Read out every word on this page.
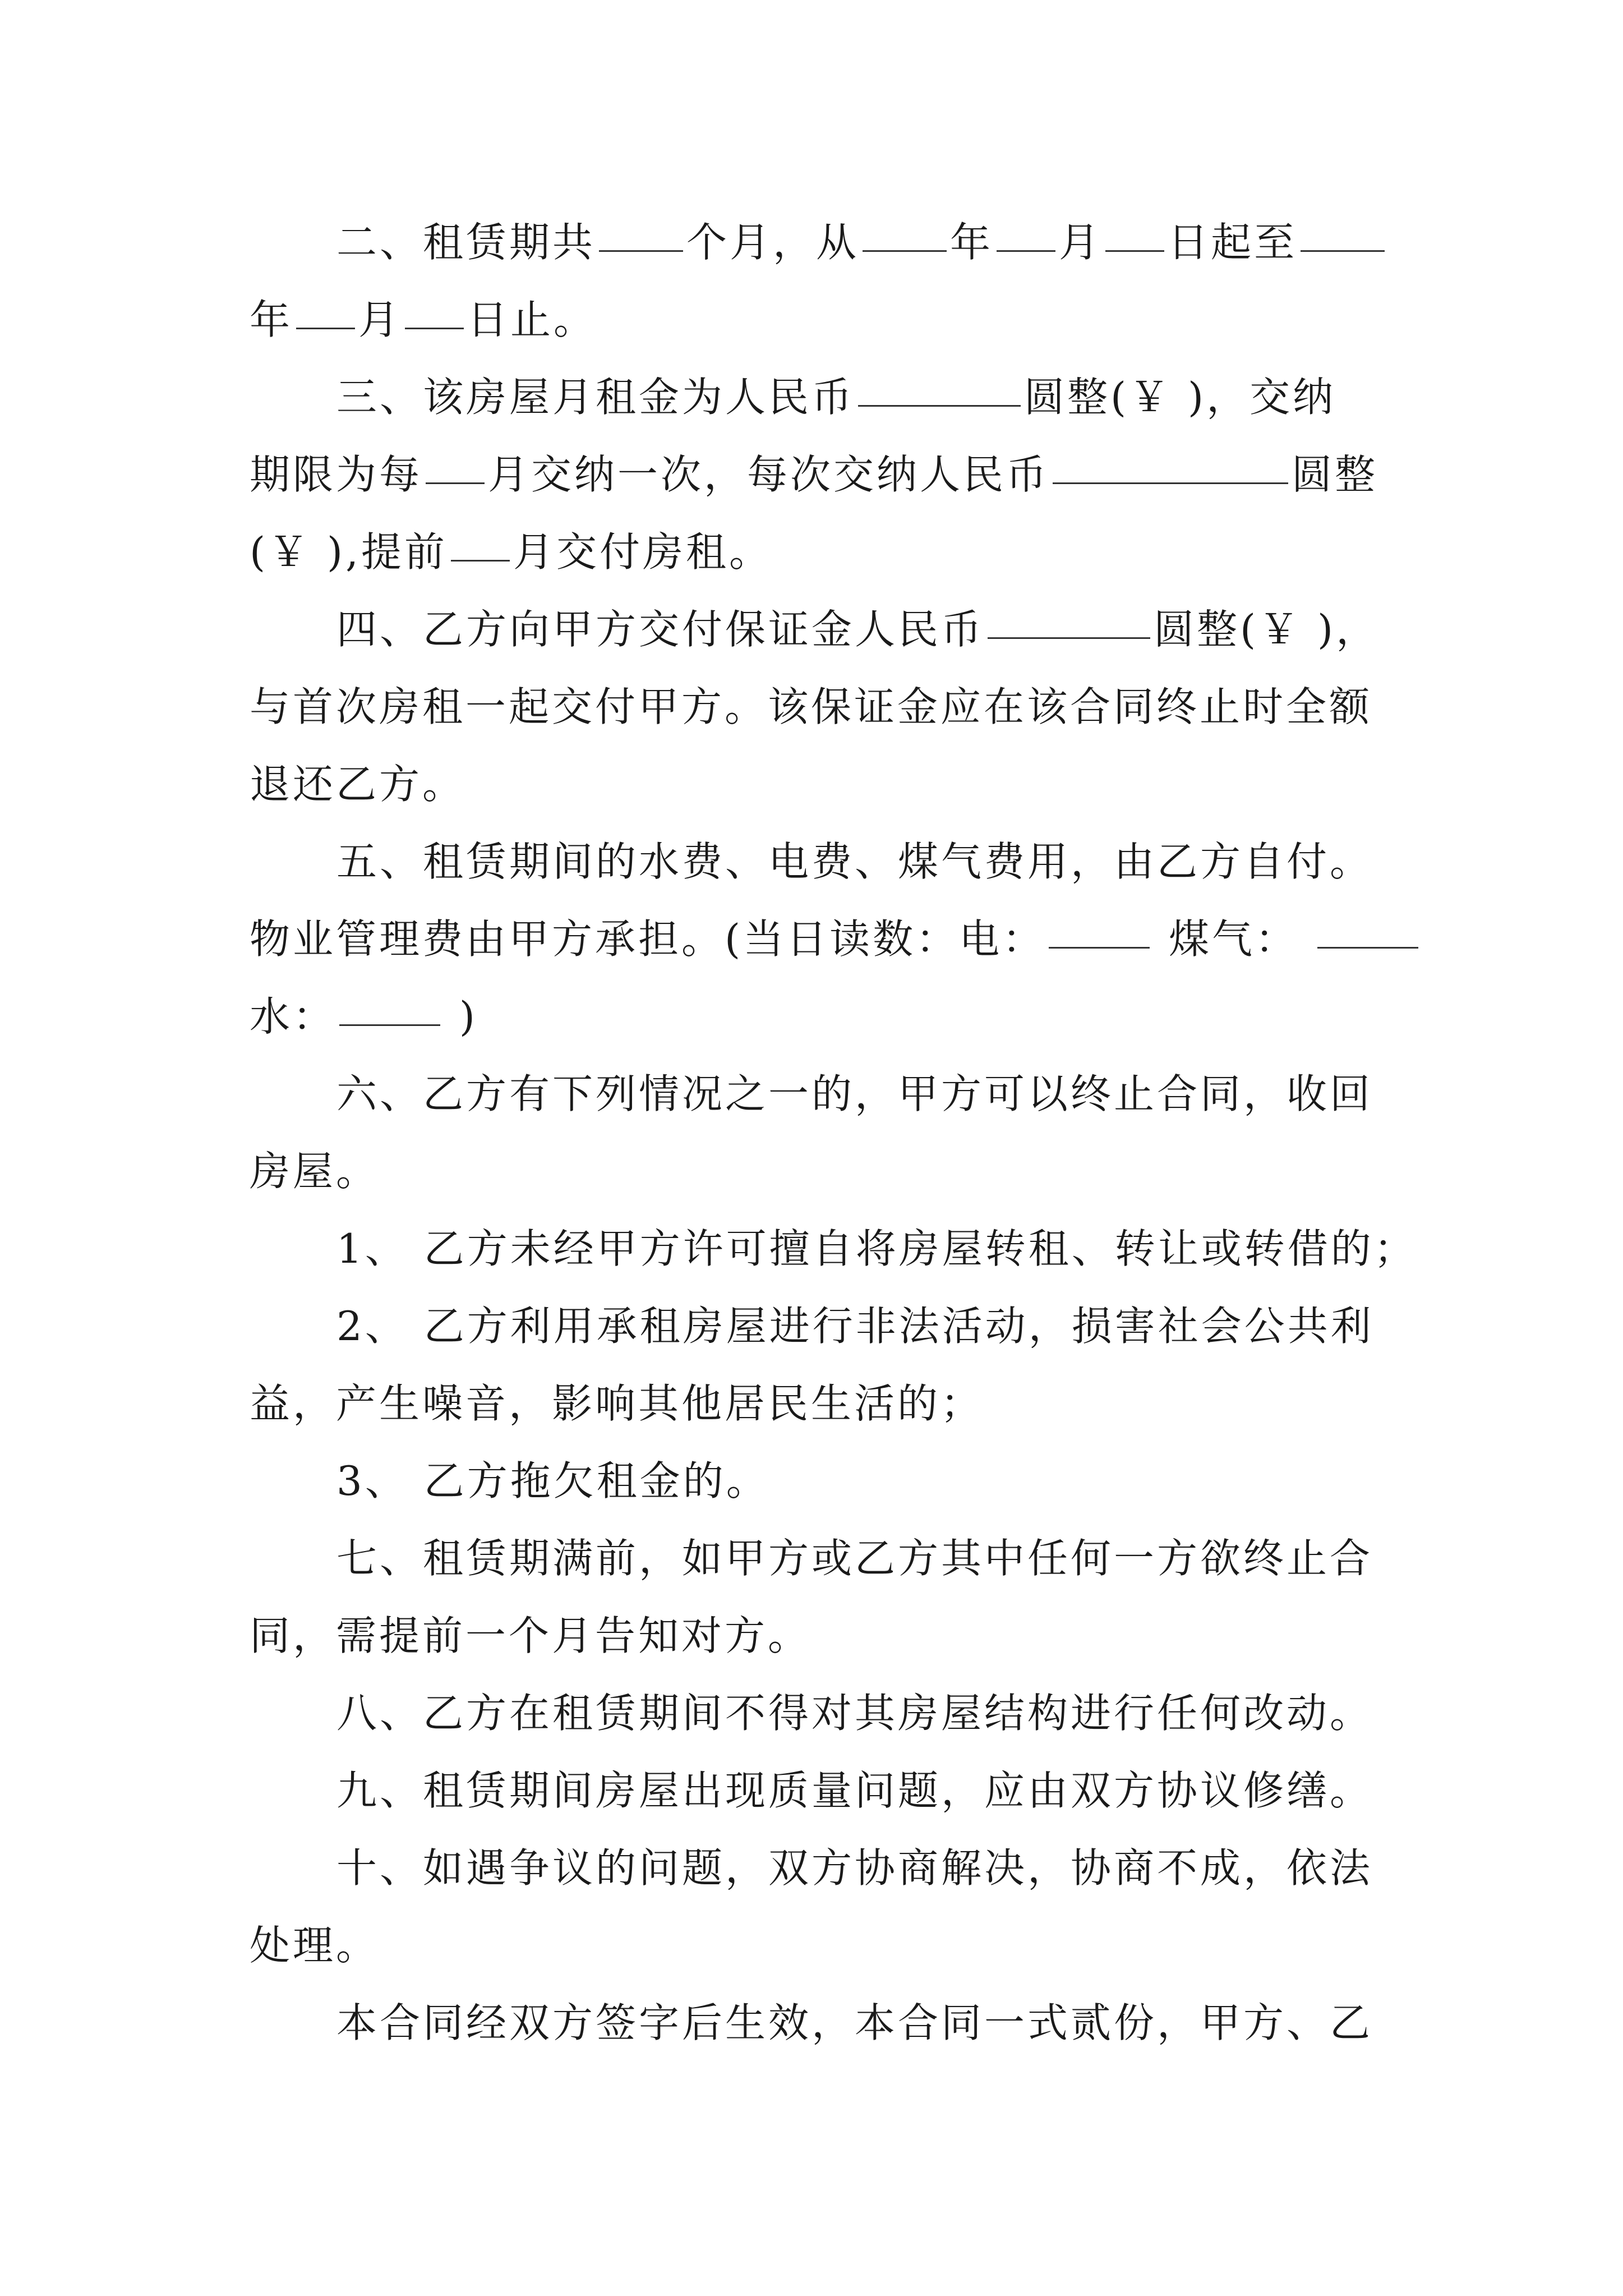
二、租赁期共 个月，从 年 月 日起至
年 月 日止。
三、该房屋月租金为人民币	圆整(￥ )，交纳
期限为每 月交纳一次，每次交纳人民币	圆整
(￥ ),提前 月交付房租。
四、乙方向甲方交付保证金人民币	圆整(￥ )，
与首次房租一起交付甲方。该保证金应在该合同终止时全额
退还乙方。
五、租赁期间的水费、电费、煤气费用，由乙方自付。
物业管理费由甲方承担。(当日读数：电：	煤气：
水：	)
六、乙方有下列情况之一的，甲方可以终止合同，收回
房屋。
1、 乙方未经甲方许可擅自将房屋转租、转让或转借的；
2、 乙方利用承租房屋进行非法活动，损害社会公共利
益，产生噪音，影响其他居民生活的；
3、 乙方拖欠租金的。
七、租赁期满前，如甲方或乙方其中任何一方欲终止合
同，需提前一个月告知对方。
八、乙方在租赁期间不得对其房屋结构进行任何改动。
九、租赁期间房屋出现质量问题，应由双方协议修缮。
十、如遇争议的问题，双方协商解决，协商不成，依法
处理。
本合同经双方签字后生效，本合同一式贰份，甲方、乙
